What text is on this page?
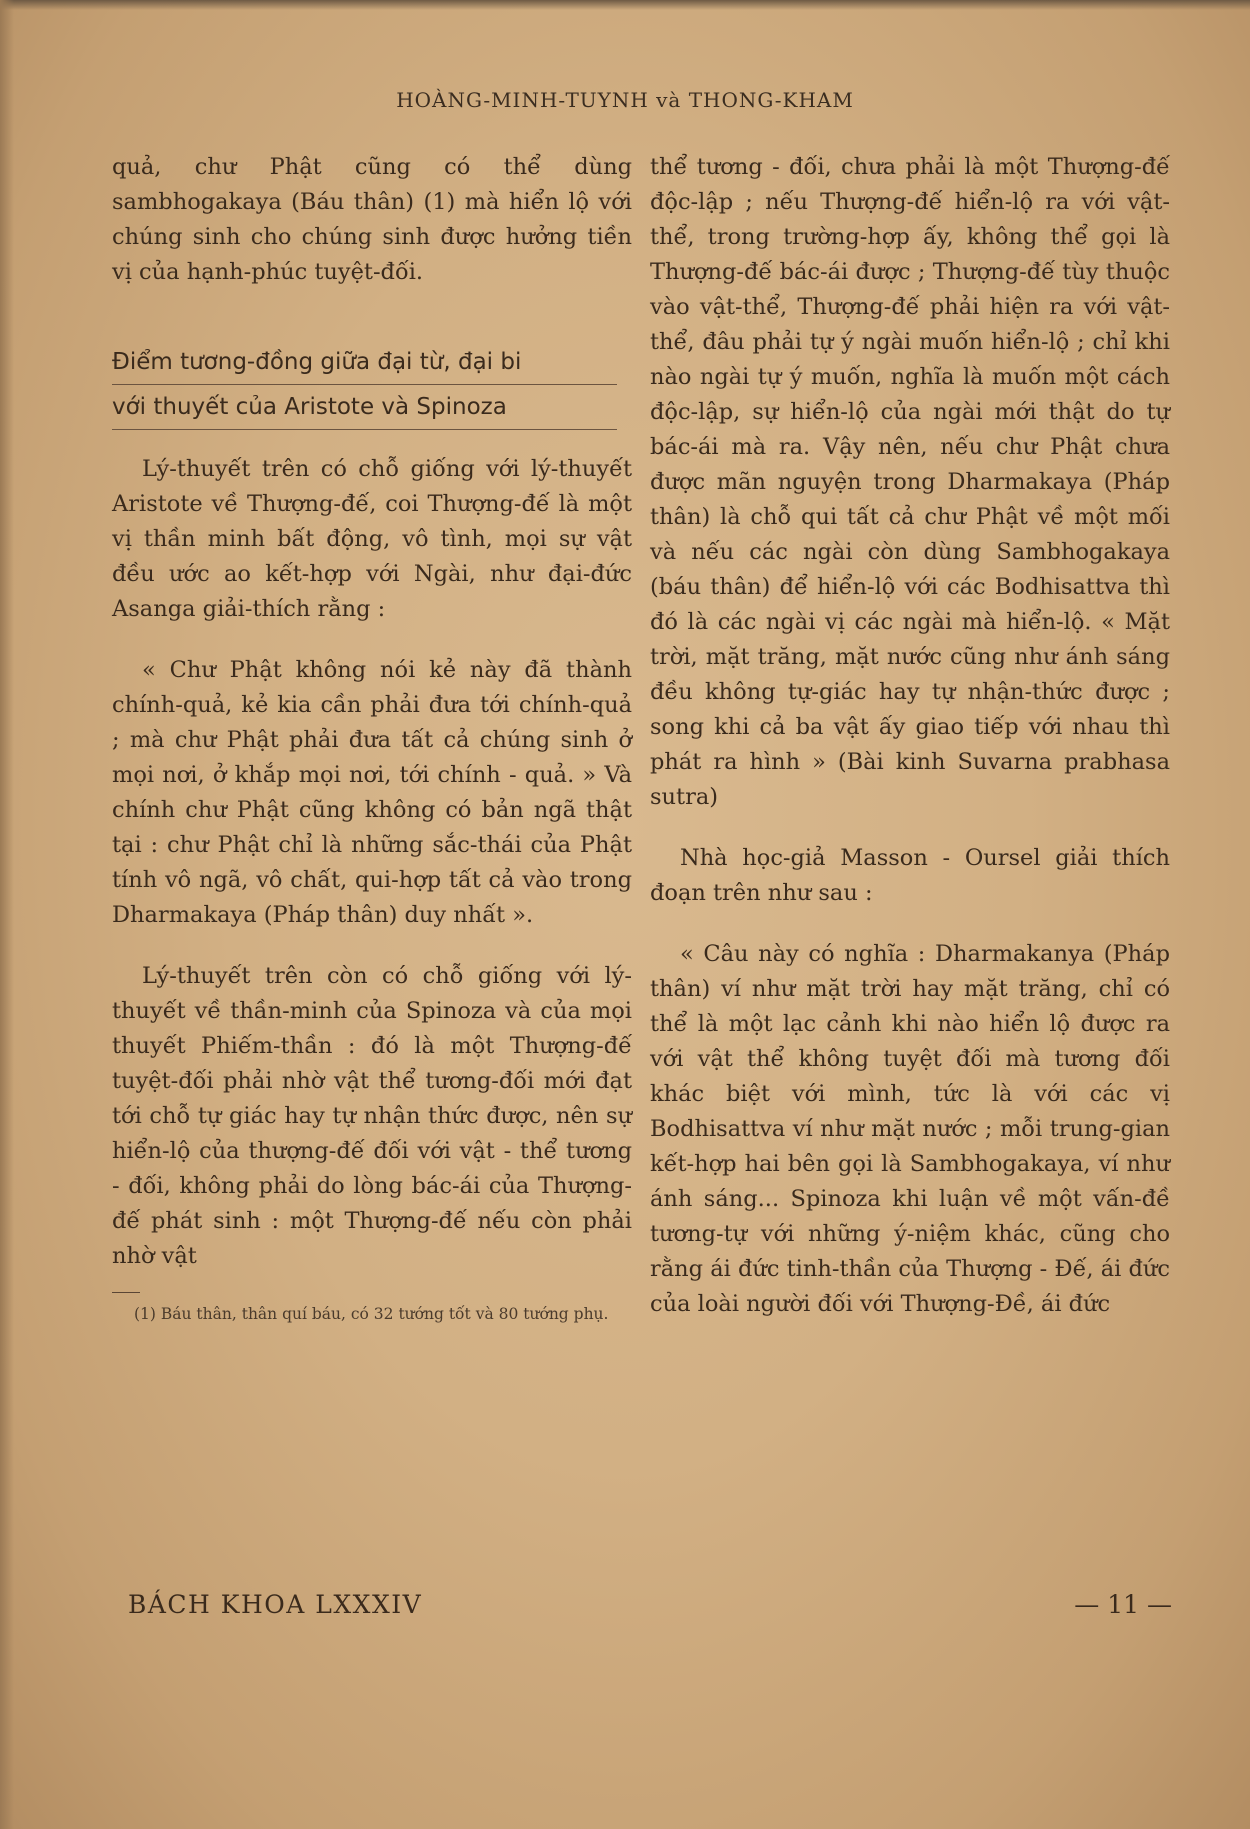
HOÀNG-MINH-TUYNH và THONG-KHAM

quả, chư Phật cũng có thể dùng sambhogakaya (Báu thân) (1) mà hiển lộ với chúng sinh cho chúng sinh được hưởng tiền vị của hạnh-phúc tuyệt-đối.

Điểm tương-đồng giữa đại từ, đại bi
với thuyết của Aristote và Spinoza

Lý-thuyết trên có chỗ giống với lý-thuyết Aristote về Thượng-đế, coi Thượng-đế là một vị thần minh bất động, vô tình, mọi sự vật đều ước ao kết-hợp với Ngài, như đại-đức Asanga giải-thích rằng :

« Chư Phật không nói kẻ này đã thành chính-quả, kẻ kia cần phải đưa tới chính-quả ; mà chư Phật phải đưa tất cả chúng sinh ở mọi nơi, ở khắp mọi nơi, tới chính - quả. » Và chính chư Phật cũng không có bản ngã thật tại : chư Phật chỉ là những sắc-thái của Phật tính vô ngã, vô chất, qui-hợp tất cả vào trong Dharmakaya (Pháp thân) duy nhất ».

Lý-thuyết trên còn có chỗ giống với lý-thuyết về thần-minh của Spinoza và của mọi thuyết Phiếm-thần : đó là một Thượng-đế tuyệt-đối phải nhờ vật thể tương-đối mới đạt tới chỗ tự giác hay tự nhận thức được, nên sự hiển-lộ của thượng-đế đối với vật - thể tương - đối, không phải do lòng bác-ái của Thượng-đế phát sinh : một Thượng-đế nếu còn phải nhờ vật

(1) Báu thân, thân quí báu, có 32 tướng tốt và 80 tướng phụ.

thể tương - đối, chưa phải là một Thượng-đế độc-lập ; nếu Thượng-đế hiển-lộ ra với vật-thể, trong trường-hợp ấy, không thể gọi là Thượng-đế bác-ái được ; Thượng-đế tùy thuộc vào vật-thể, Thượng-đế phải hiện ra với vật-thể, đâu phải tự ý ngài muốn hiển-lộ ; chỉ khi nào ngài tự ý muốn, nghĩa là muốn một cách độc-lập, sự hiển-lộ của ngài mới thật do tự bác-ái mà ra. Vậy nên, nếu chư Phật chưa được mãn nguyện trong Dharmakaya (Pháp thân) là chỗ qui tất cả chư Phật về một mối và nếu các ngài còn dùng Sambhogakaya (báu thân) để hiển-lộ với các Bodhisattva thì đó là các ngài vị các ngài mà hiển-lộ. « Mặt trời, mặt trăng, mặt nước cũng như ánh sáng đều không tự-giác hay tự nhận-thức được ; song khi cả ba vật ấy giao tiếp với nhau thì phát ra hình » (Bài kinh Suvarna prabhasa sutra)

Nhà học-giả Masson - Oursel giải thích đoạn trên như sau :

« Câu này có nghĩa : Dharmakanya (Pháp thân) ví như mặt trời hay mặt trăng, chỉ có thể là một lạc cảnh khi nào hiển lộ được ra với vật thể không tuyệt đối mà tương đối khác biệt với mình, tức là với các vị Bodhisattva ví như mặt nước ; mỗi trung-gian kết-hợp hai bên gọi là Sambhogakaya, ví như ánh sáng... Spinoza khi luận về một vấn-đề tương-tự với những ý-niệm khác, cũng cho rằng ái đức tinh-thần của Thượng - Đế, ái đức của loài người đối với Thượng-Đề, ái đức

BÁCH KHOA LXXXIV	— 11 —
